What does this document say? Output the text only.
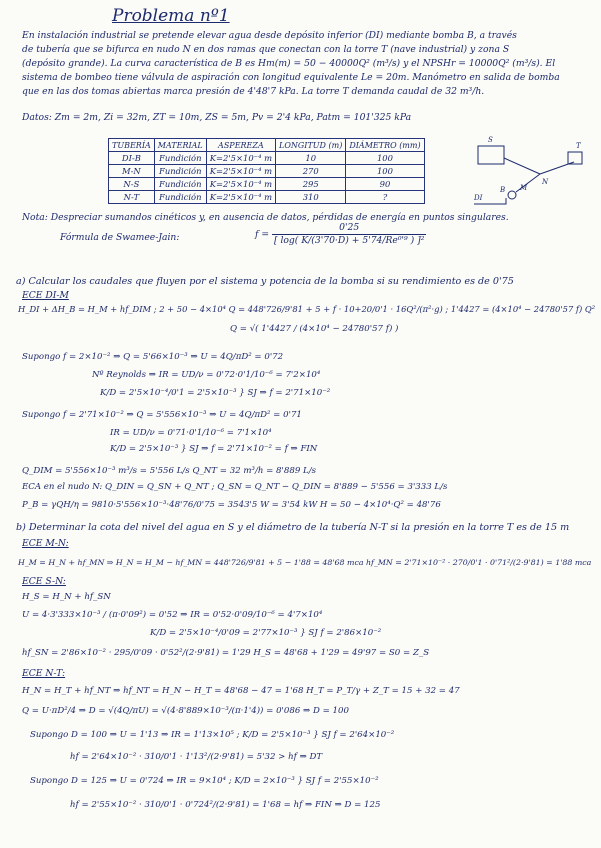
Problema nº1
En instalación industrial se pretende elevar agua desde depósito inferior (DI) mediante bomba B, a través
de tubería que se bifurca en nudo N en dos ramas que conectan con la torre T (nave industrial) y zona S
(depósito grande). La curva característica de B es Hm(m) = 50 − 40000Q² (m³/s) y el NPSHr = 10000Q² (m³/s). El
sistema de bombeo tiene válvula de aspiración con longitud equivalente Le = 20m. Manómetro en salida de bomba
que en las dos tomas abiertas marca presión de 4'48'7 kPa. La torre T demanda caudal de 32 m³/h.
Datos: Zm = 2m, Zi = 32m, ZT = 10m, ZS = 5m, Pv = 2'4 kPa, Patm = 101'325 kPa
TUBERÍA	MATERIAL	ASPEREZA	LONGITUD (m)	DIÁMETRO (mm)
DI-B	Fundición	K=2'5×10⁻⁴ m	10	100
M-N	Fundición	K=2'5×10⁻⁴ m	270	100
N-S	Fundición	K=2'5×10⁻⁴ m	295	90
N-T	Fundición	K=2'5×10⁻⁴ m	310	?
S
T
N
M
B
DI
Nota: Despreciar sumandos cinéticos y, en ausencia de datos, pérdidas de energía en puntos singulares.
Fórmula de Swamee-Jain:	$f = \frac{0'25}{\text{[ log( K/(3'70·D) + 5'74/Re⁰'⁹ ) ]²}}$
a) Calcular los caudales que fluyen por el sistema y potencia de la bomba si su rendimiento es de 0'75
ECE DI-M
H_DI + ΔH_B = H_M + hf_DIM ; 2 + 50 − 4×10⁴ Q = 448'726/9'81 + 5 + f · 10+20/0'1 · 16Q²/(π²·g) ; 1'4427 = (4×10⁴ − 24780'57 f) Q²
Q = √( 1'4427 / (4×10⁴ − 24780'57 f) )
Supongo f = 2×10⁻² ⇒ Q = 5'66×10⁻³ ⇒ U = 4Q/πD² = 0'72
Nº Reynolds ⇒ IR = UD/ν = 0'72·0'1/10⁻⁶ = 7'2×10⁴
K/D = 2'5×10⁻⁴/0'1 = 2'5×10⁻³ } SJ ⇒ f = 2'71×10⁻²
Supongo f = 2'71×10⁻² ⇒ Q = 5'556×10⁻³ ⇒ U = 4Q/πD² = 0'71
IR = UD/ν = 0'71·0'1/10⁻⁶ = 7'1×10⁴
K/D = 2'5×10⁻³ } SJ ⇒ f = 2'71×10⁻² = f ⇒ FIN
Q_DIM = 5'556×10⁻³ m³/s = 5'556 L/s Q_NT = 32 m³/h = 8'889 L/s
ECA en el nudo N: Q_DIN = Q_SN + Q_NT ; Q_SN = Q_NT − Q_DIN = 8'889 − 5'556 = 3'333 L/s
P_B = γQH/η = 9810·5'556×10⁻³·48'76/0'75 = 3543'5 W = 3'54 kW H = 50 − 4×10⁴·Q² = 48'76
b) Determinar la cota del nivel del agua en S y el diámetro de la tubería N-T si la presión en la torre T es de 15 m
ECE M-N:
H_M = H_N + hf_MN ⇒ H_N = H_M − hf_MN = 448'726/9'81 + 5 − 1'88 = 48'68 mca hf_MN = 2'71×10⁻² · 270/0'1 · 0'71²/(2·9'81) = 1'88 mca
ECE S-N:
H_S = H_N + hf_SN
U = 4·3'333×10⁻³ / (π·0'09²) = 0'52 ⇒ IR = 0'52·0'09/10⁻⁶ = 4'7×10⁴
K/D = 2'5×10⁻⁴/0'09 = 2'77×10⁻³ } SJ f = 2'86×10⁻²
hf_SN = 2'86×10⁻² · 295/0'09 · 0'52²/(2·9'81) = 1'29 H_S = 48'68 + 1'29 = 49'97 = S0 = Z_S
ECE N-T:
H_N = H_T + hf_NT ⇒ hf_NT = H_N − H_T = 48'68 − 47 = 1'68 H_T = P_T/γ + Z_T = 15 + 32 = 47
Q = U·πD²/4 ⇒ D = √(4Q/πU) = √(4·8'889×10⁻³/(π·1'4)) = 0'086 ⇒ D = 100
Supongo D = 100 ⇒ U = 1'13 ⇒ IR = 1'13×10⁵ ; K/D = 2'5×10⁻³ } SJ f = 2'64×10⁻²
hf = 2'64×10⁻² · 310/0'1 · 1'13²/(2·9'81) = 5'32 > hf ⇒ DT
Supongo D = 125 ⇒ U = 0'724 ⇒ IR = 9×10⁴ ; K/D = 2×10⁻³ } SJ f = 2'55×10⁻²
hf = 2'55×10⁻² · 310/0'1 · 0'724²/(2·9'81) = 1'68 = hf ⇒ FIN ⇒ D = 125
